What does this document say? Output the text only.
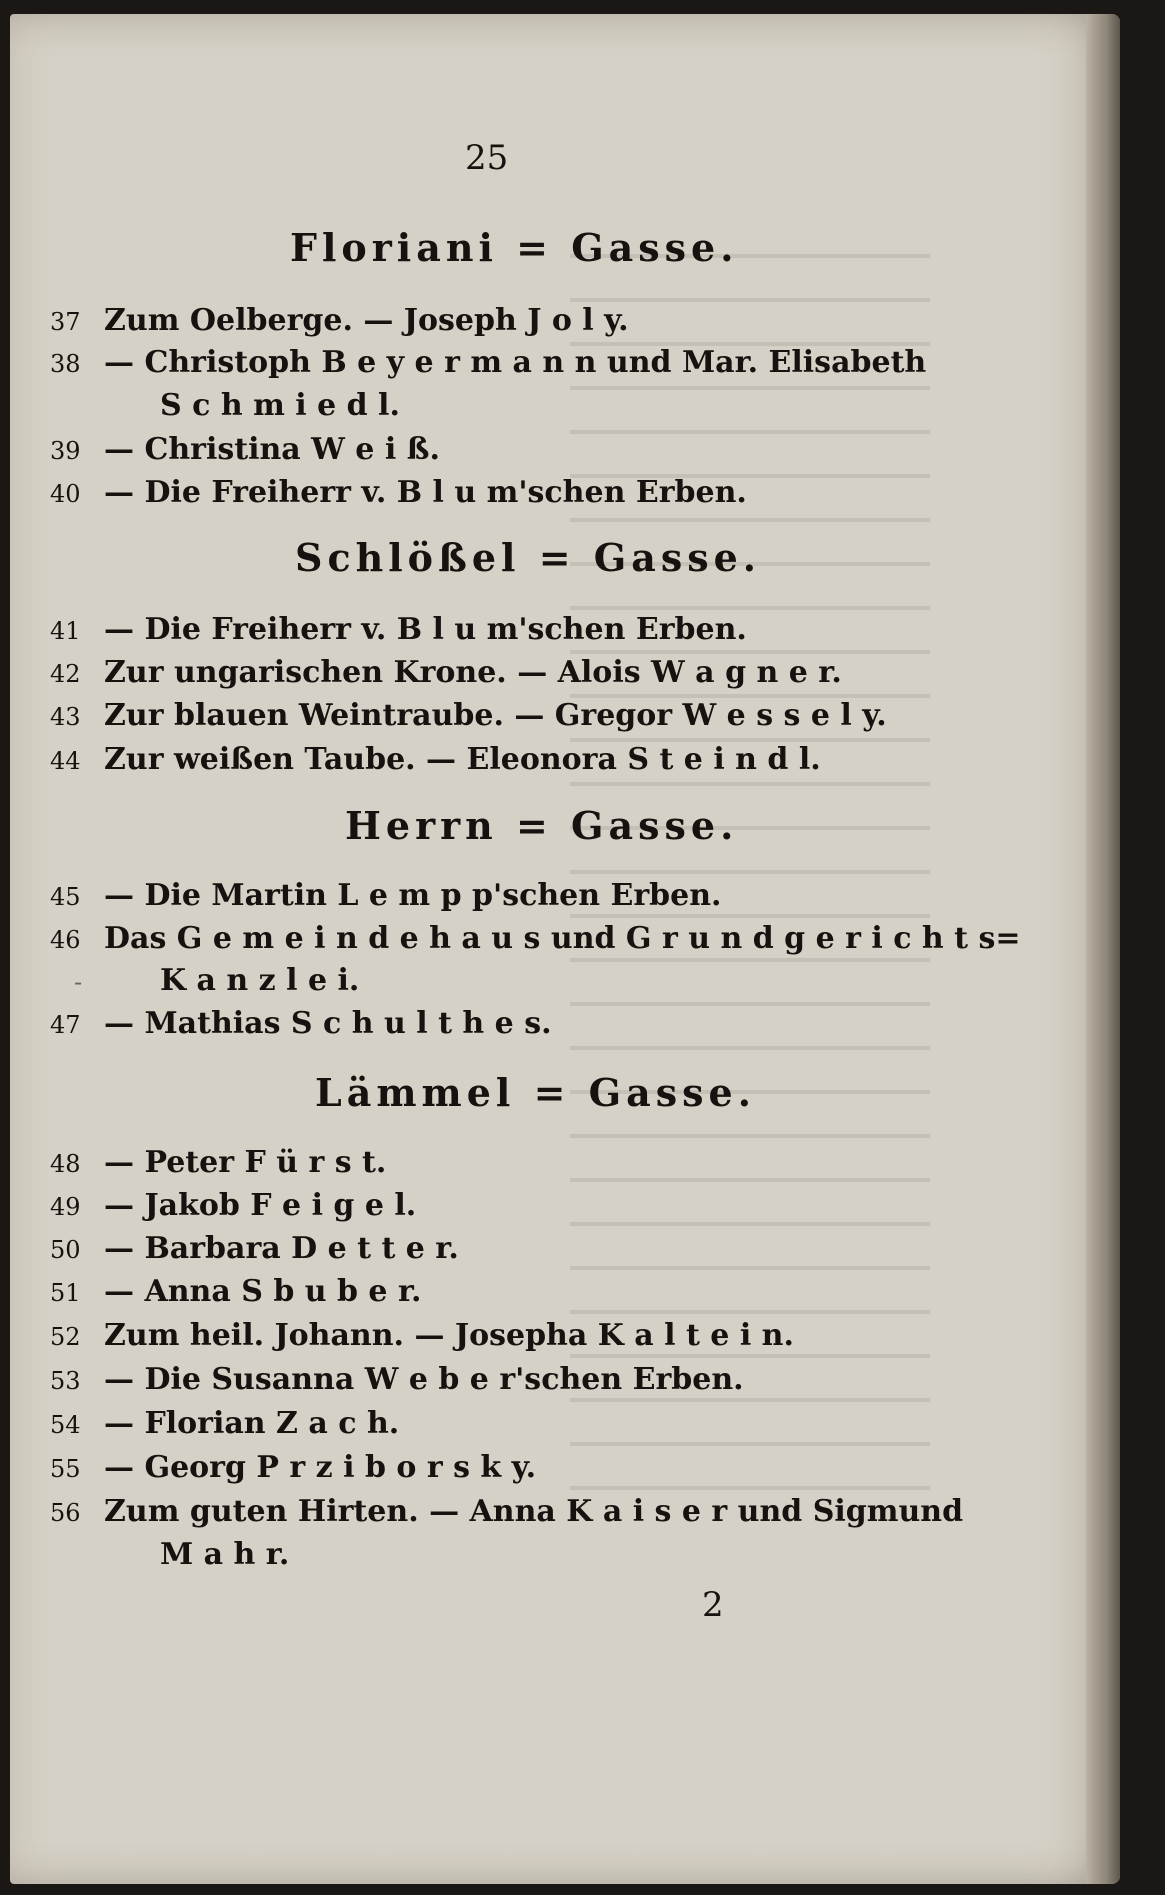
25
Floriani = Gasse.
37 Zum Oelberge. — Joseph J o l y.
38 — Christoph B e y e r m a n n und Mar. Elisabeth
S c h m i e d l.
39 — Christina W e i ß.
40 — Die Freiherr v. B l u m'schen Erben.
Schlößel = Gasse.
41 — Die Freiherr v. B l u m'schen Erben.
42 Zur ungarischen Krone. — Alois W a g n e r.
43 Zur blauen Weintraube. — Gregor W e s s e l y.
44 Zur weißen Taube. — Eleonora S t e i n d l.
Herrn = Gasse.
45 — Die Martin L e m p p'schen Erben.
46 Das G e m e i n d e h a u s und G r u n d g e r i c h t s=
-	K a n z l e i.
47 — Mathias S c h u l t h e s.
Lämmel = Gasse.
48 — Peter F ü r s t.
49 — Jakob F e i g e l.
50 — Barbara D e t t e r.
51 — Anna S b u b e r.
52 Zum heil. Johann. — Josepha K a l t e i n.
53 — Die Susanna W e b e r'schen Erben.
54 — Florian Z a c h.
55 — Georg P r z i b o r s k y.
56 Zum guten Hirten. — Anna K a i s e r und Sigmund
M a h r.
2
